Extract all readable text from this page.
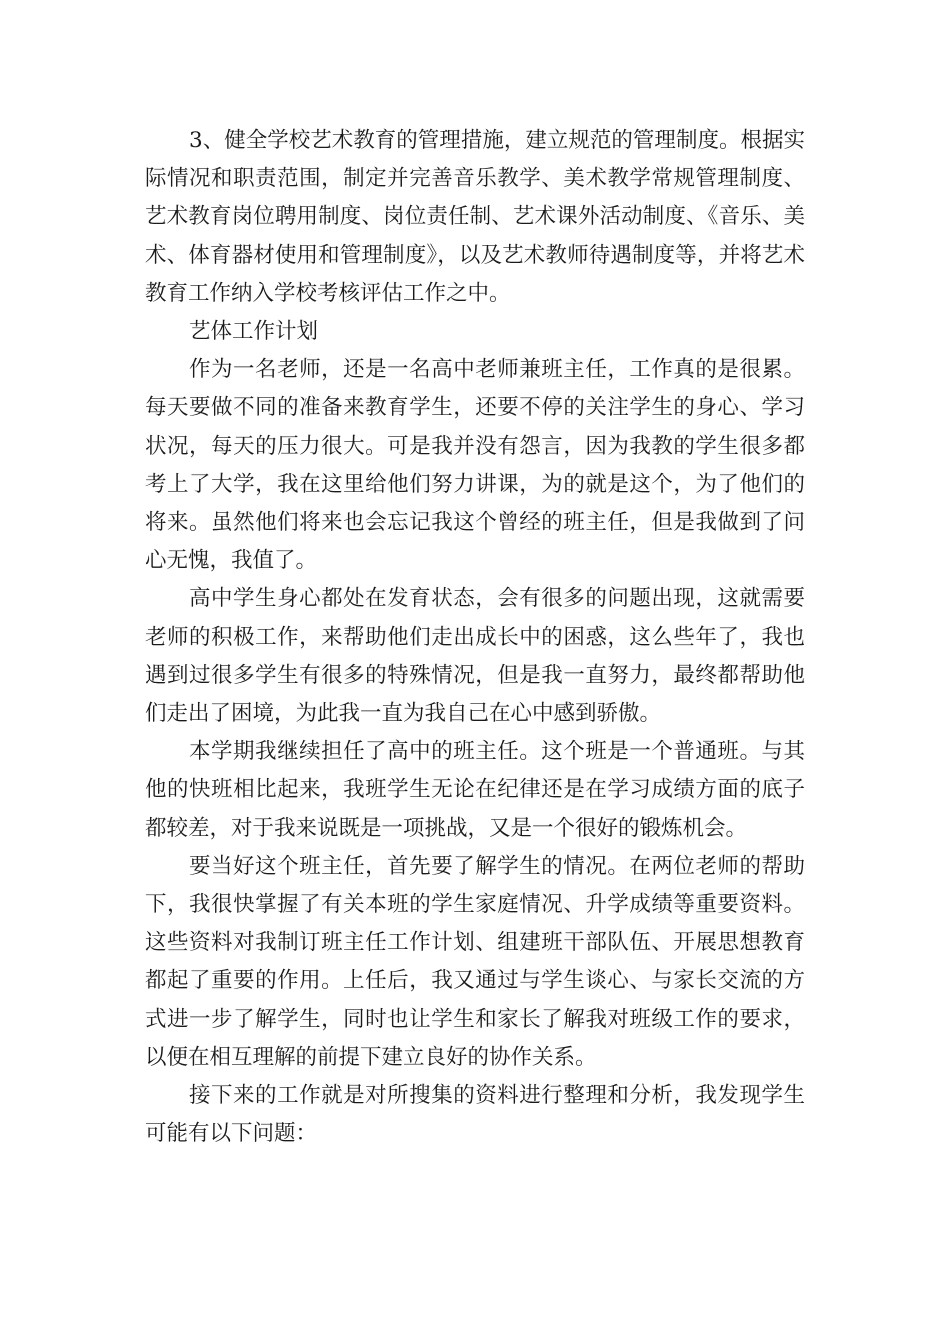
3、健全学校艺术教育的管理措施，建立规范的管理制度。根据实际情况和职责范围，制定并完善音乐教学、美术教学常规管理制度、艺术教育岗位聘用制度、岗位责任制、艺术课外活动制度、《音乐、美术、体育器材使用和管理制度》，以及艺术教师待遇制度等，并将艺术教育工作纳入学校考核评估工作之中。

艺体工作计划

作为一名老师，还是一名高中老师兼班主任，工作真的是很累。每天要做不同的准备来教育学生，还要不停的关注学生的身心、学习状况，每天的压力很大。可是我并没有怨言，因为我教的学生很多都考上了大学，我在这里给他们努力讲课，为的就是这个，为了他们的将来。虽然他们将来也会忘记我这个曾经的班主任，但是我做到了问心无愧，我值了。

高中学生身心都处在发育状态，会有很多的问题出现，这就需要老师的积极工作，来帮助他们走出成长中的困惑，这么些年了，我也遇到过很多学生有很多的特殊情况，但是我一直努力，最终都帮助他们走出了困境，为此我一直为我自己在心中感到骄傲。

本学期我继续担任了高中的班主任。这个班是一个普通班。与其他的快班相比起来，我班学生无论在纪律还是在学习成绩方面的底子都较差，对于我来说既是一项挑战，又是一个很好的锻炼机会。

要当好这个班主任，首先要了解学生的情况。在两位老师的帮助下，我很快掌握了有关本班的学生家庭情况、升学成绩等重要资料。这些资料对我制订班主任工作计划、组建班干部队伍、开展思想教育都起了重要的作用。上任后，我又通过与学生谈心、与家长交流的方式进一步了解学生，同时也让学生和家长了解我对班级工作的要求，以便在相互理解的前提下建立良好的协作关系。

接下来的工作就是对所搜集的资料进行整理和分析，我发现学生可能有以下问题：
